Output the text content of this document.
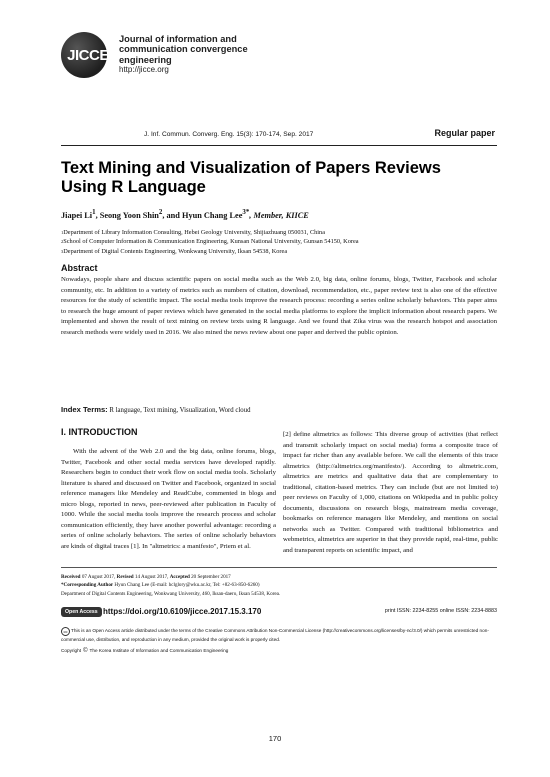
JICCE
Journal of information and
communication convergence engineering
http://jicce.org
J. Inf. Commun. Converg. Eng. 15(3): 170-174, Sep. 2017	Regular paper
Text Mining and Visualization of Papers Reviews Using R Language
Jiapei Li$^1$, Seong Yoon Shin$^2$, and Hyun Chang Lee$^{3*}$, Member, KIICE
$^1$Department of Library Information Consulting, Hebei Geology University, Shijiazhuang 050031, China
$^2$School of Computer Information & Communication Engineering, Kunsan National University, Gunsan 54150, Korea
$^3$Department of Digital Contents Engineering, Wonkwang University, Iksan 54538, Korea
Abstract

Nowadays, people share and discuss scientific papers on social media such as the Web 2.0, big data, online forums, blogs, Twitter, Facebook and scholar community, etc. In addition to a variety of metrics such as numbers of citation, download, recommendation, etc., paper review text is also one of the effective resources for the study of scientific impact. The social media tools improve the research process: recording a series online scholarly behaviors. This paper aims to research the huge amount of paper reviews which have generated in the social media platforms to explore the implicit information about research papers. We implemented and shown the result of text mining on review texts using R language. And we found that Zika virus was the research hotspot and association research methods were widely used in 2016. We also mined the news review about one paper and derived the public opinion.

Index Terms: R language, Text mining, Visualization, Word cloud
I. INTRODUCTION

With the advent of the Web 2.0 and the big data, online forums, blogs, Twitter, Facebook and other social media services have developed rapidly. Researchers begin to conduct their work flow on social media tools. Scholarly literature is shared and discussed on Twitter and Facebook, organized in social reference managers like Mendeley and ReadCube, commented in blogs and micro blogs, reported in news, peer-reviewed after publication in Faculty of 1000. While the social media tools improve the research process and scholar communication efficiently, they have another powerful advantage: recording a series of online scholarly behaviors. The series of online scholarly behaviors are kinds of digital traces [1]. In "altmetrics: a manifesto", Priem et al.

[2] define altmetrics as follows: This diverse group of activities (that reflect and transmit scholarly impact on social media) forms a composite trace of impact far richer than any available before. We call the elements of this trace altmetrics (http://altmetrics.org/manifesto/). According to altmetric.com, altmetrics are metrics and qualitative data that are complementary to traditional, citation-based metrics. They can include (but are not limited to) peer reviews on Faculty of 1,000, citations on Wikipedia and in public policy documents, discussions on research blogs, mainstream media coverage, bookmarks on reference managers like Mendeley, and mentions on social networks such as Twitter. Compared with traditional bibliometrics and webmetrics, altmetrics are superior in that they provide rapid, real-time, public and transparent reports on scientific impact, and

Received 07 August 2017, Revised 14 August 2017, Accepted 20 September 2017
*Corresponding Author Hyun Chang Lee (E-mail: hclglory@wku.ac.kr, Tel: +82-63-850-6260)
Department of Digital Contents Engineering, Wonkwang University, 460, Iksan-daero, Iksan 54538, Korea.
Open Access https://doi.org/10.6109/jicce.2017.15.3.170	print ISSN: 2234-8255 online ISSN: 2234-8883
cc This is an Open Access article distributed under the terms of the Creative Commons Attribution Non-Commercial License (http://creativecommons.org/licenses/by-nc/3.0/) which permits unrestricted non-commercial use, distribution, and reproduction in any medium, provided the original work is properly cited.
Copyright © The Korea Institute of Information and Communication Engineering
170
